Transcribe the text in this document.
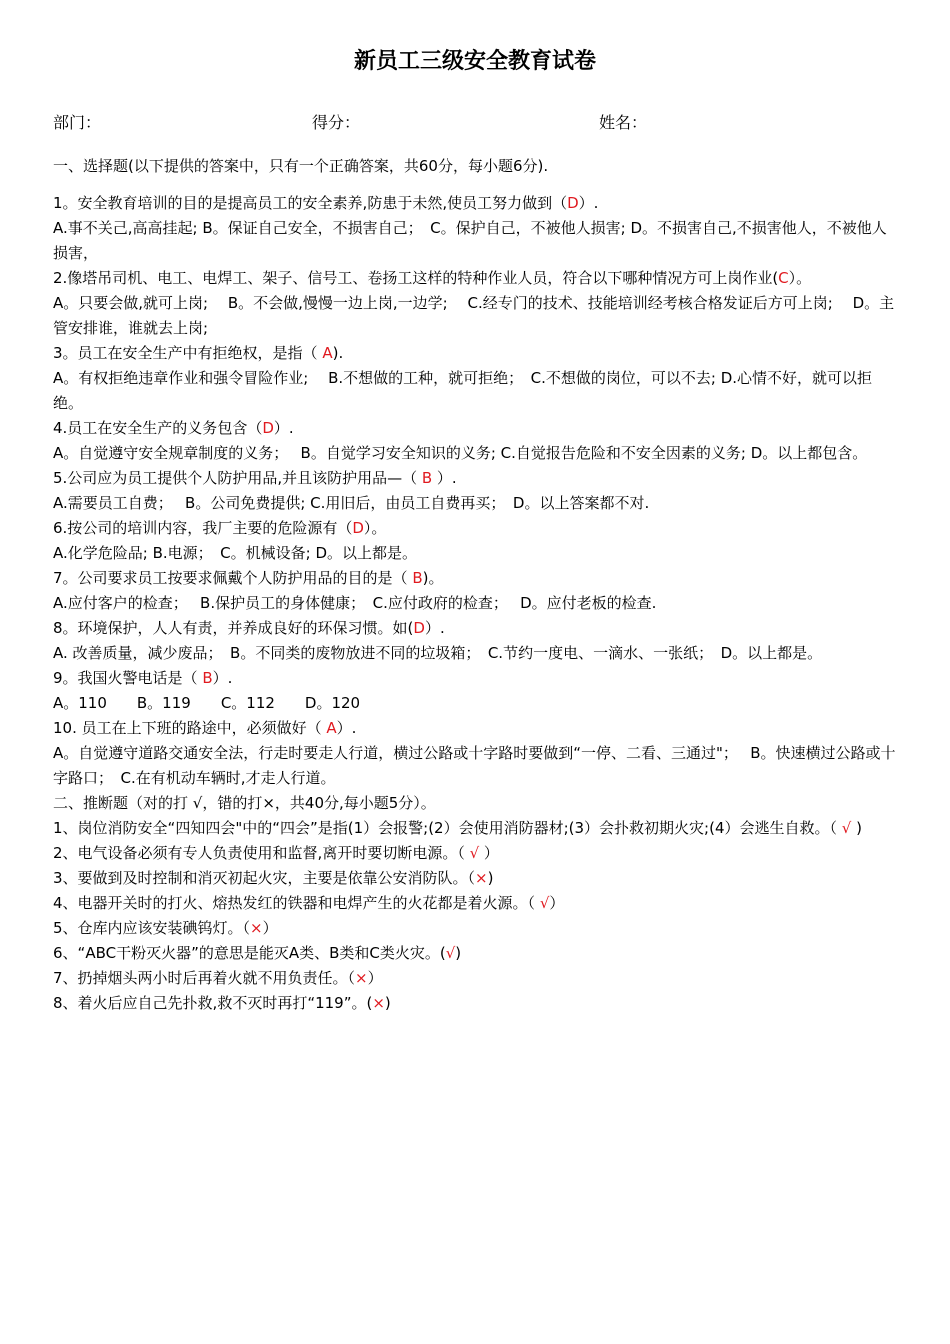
新员工三级安全教育试卷
部门：	得分：	姓名：
一、选择题(以下提供的答案中，只有一个正确答案，共60分，每小题6分).
1。安全教育培训的目的是提高员工的安全素养,防患于未然,使员工努力做到（D）.
A.事不关己,高高挂起; B。保证自己安全，不损害自己；　C。保护自己，不被他人损害; D。不损害自己,不损害他人，不被他人损害，
2.像塔吊司机、电工、电焊工、架子、信号工、卷扬工这样的特种作业人员，符合以下哪种情况方可上岗作业(C）。
A。只要会做,就可上岗;　 B。不会做,慢慢一边上岗,一边学;　 C.经专门的技术、技能培训经考核合格发证后方可上岗;　 D。主管安排谁，谁就去上岗;
3。员工在安全生产中有拒绝权，是指（ A).
A。有权拒绝违章作业和强令冒险作业;　 B.不想做的工种，就可拒绝；　C.不想做的岗位，可以不去; D.心情不好，就可以拒绝。
4.员工在安全生产的义务包含（D）.
A。自觉遵守安全规章制度的义务；　 B。自觉学习安全知识的义务; C.自觉报告危险和不安全因素的义务; D。以上都包含。
5.公司应为员工提供个人防护用品,并且该防护用品—（ B ）.
A.需要员工自费；　 B。公司免费提供; C.用旧后，由员工自费再买；　D。以上答案都不对.
6.按公司的培训内容，我厂主要的危险源有（D）。
A.化学危险品; B.电源；　C。机械设备; D。以上都是。
7。公司要求员工按要求佩戴个人防护用品的目的是（ B)。
A.应付客户的检查；　 B.保护员工的身体健康；　C.应付政府的检查；　 D。应付老板的检查.
8。环境保护，人人有责，并养成良好的环保习惯。如(D）.
A. 改善质量，减少废品；　B。不同类的废物放进不同的垃圾箱；　C.节约一度电、一滴水、一张纸；　D。以上都是。
9。我国火警电话是（ B）.
A。110　　B。119　　C。112　　D。120
10. 员工在上下班的路途中，必须做好（ A）.
A。自觉遵守道路交通安全法，行走时要走人行道，横过公路或十字路时要做到“一停、二看、三通过"；　 B。快速横过公路或十字路口；　C.在有机动车辆时,才走人行道。
二、推断题（对的打 √，错的打×，共40分,每小题5分）。
1、岗位消防安全“四知四会"中的“四会”是指(1）会报警;(2）会使用消防器材;(3）会扑救初期火灾;(4）会逃生自救。（ √ )
2、电气设备必须有专人负责使用和监督,离开时要切断电源。（ √ ）
3、要做到及时控制和消灭初起火灾，主要是依靠公安消防队。（×)
4、电器开关时的打火、熔热发红的铁器和电焊产生的火花都是着火源。（ √）
5、仓库内应该安装碘钨灯。（×）
6、“ABC干粉灭火器”的意思是能灭A类、B类和C类火灾。(√)
7、扔掉烟头两小时后再着火就不用负责任。（×）
8、着火后应自己先扑救,救不灭时再打“119”。(×)
